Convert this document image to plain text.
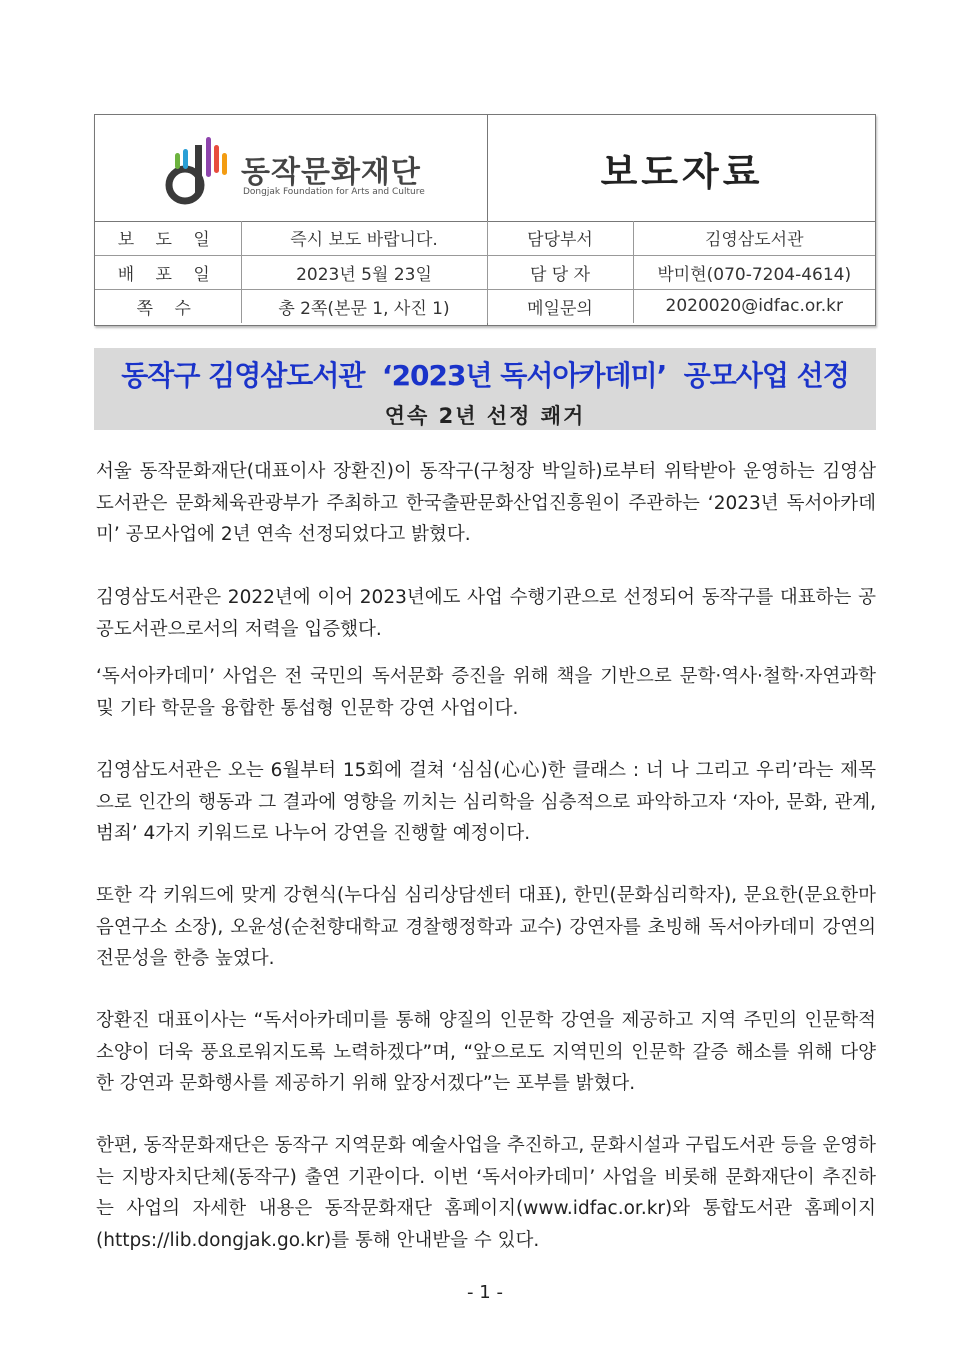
동작문화재단
Dongjak Foundation for Arts and Culture	보도자료
보 도 일	즉시 보도 바랍니다.	담당부서	김영삼도서관
배 포 일	2023년 5월 23일	담 당 자	박미현(070-7204-4614)
쪽 수	총 2쪽(본문 1, 사진 1)	메일문의	2020020@idfac.or.kr
동작구 김영삼도서관  ‘2023년 독서아카데미’  공모사업 선정
연속 2년 선정 쾌거

서울 동작문화재단(대표이사 장환진)이 동작구(구청장 박일하)로부터 위탁받아 운영하는 김영삼도서관은 문화체육관광부가 주최하고 한국출판문화산업진흥원이 주관하는 ‘2023년 독서아카데미’ 공모사업에 2년 연속 선정되었다고 밝혔다.

김영삼도서관은 2022년에 이어 2023년에도 사업 수행기관으로 선정되어 동작구를 대표하는 공공도서관으로서의 저력을 입증했다.

‘독서아카데미’ 사업은 전 국민의 독서문화 증진을 위해 책을 기반으로 문학·역사·철학·자연과학 및 기타 학문을 융합한 통섭형 인문학 강연 사업이다.

김영삼도서관은 오는 6월부터 15회에 걸쳐 ‘심심(心心)한 클래스 : 너 나 그리고 우리’라는 제목으로 인간의 행동과 그 결과에 영향을 끼치는 심리학을 심층적으로 파악하고자 ‘자아, 문화, 관계, 범죄’ 4가지 키워드로 나누어 강연을 진행할 예정이다.

또한 각 키워드에 맞게 강현식(누다심 심리상담센터 대표), 한민(문화심리학자), 문요한(문요한마음연구소 소장), 오윤성(순천향대학교 경찰행정학과 교수) 강연자를 초빙해 독서아카데미 강연의 전문성을 한층 높였다.

장환진 대표이사는 “독서아카데미를 통해 양질의 인문학 강연을 제공하고 지역 주민의 인문학적 소양이 더욱 풍요로워지도록 노력하겠다”며, “앞으로도 지역민의 인문학 갈증 해소를 위해 다양한 강연과 문화행사를 제공하기 위해 앞장서겠다”는 포부를 밝혔다.

한편, 동작문화재단은 동작구 지역문화 예술사업을 추진하고, 문화시설과 구립도서관 등을 운영하는 지방자치단체(동작구) 출연 기관이다. 이번 ‘독서아카데미’ 사업을 비롯해 문화재단이 추진하는 사업의 자세한 내용은 동작문화재단 홈페이지(www.idfac.or.kr)와 통합도서관 홈페이지(https://lib.dongjak.go.kr)를 통해 안내받을 수 있다.

- 1 -
